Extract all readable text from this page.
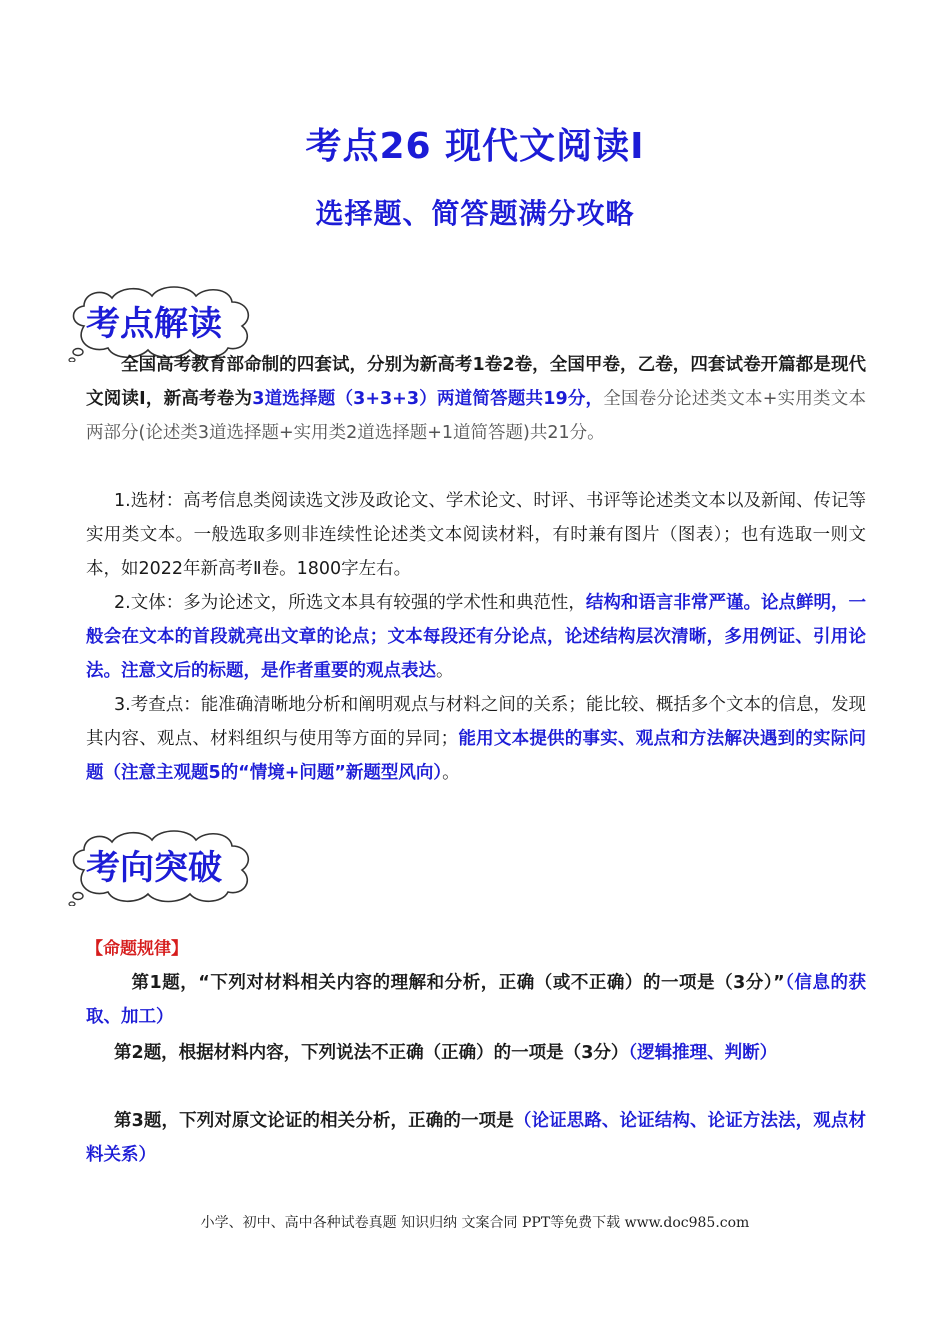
考点26 现代文阅读Ⅰ
选择题、简答题满分攻略
考点解读

全国高考教育部命制的四套试，分别为新高考1卷2卷，全国甲卷，乙卷，四套试卷开篇都是现代文阅读Ⅰ，新高考卷为3道选择题（3+3+3）两道简答题共19分，全国卷分论述类文本+实用类文本两部分(论述类3道选择题+实用类2道选择题+1道简答题)共21分。

1.选材：高考信息类阅读选文涉及政论文、学术论文、时评、书评等论述类文本以及新闻、传记等实用类文本。一般选取多则非连续性论述类文本阅读材料，有时兼有图片（图表）；也有选取一则文本，如2022年新高考Ⅱ卷。1800字左右。

2.文体：多为论述文，所选文本具有较强的学术性和典范性，结构和语言非常严谨。论点鲜明，一般会在文本的首段就亮出文章的论点；文本每段还有分论点，论述结构层次清晰，多用例证、引用论法。注意文后的标题，是作者重要的观点表达。

3.考查点：能准确清晰地分析和阐明观点与材料之间的关系；能比较、概括多个文本的信息，发现其内容、观点、材料组织与使用等方面的异同；能用文本提供的事实、观点和方法解决遇到的实际问题（注意主观题5的“情境+问题”新题型风向）。

考向突破

【命题规律】

第1题，“下列对材料相关内容的理解和分析，正确（或不正确）的一项是（3分）”（信息的获取、加工）

第2题，根据材料内容，下列说法不正确（正确）的一项是（3分）（逻辑推理、判断）

第3题，下列对原文论证的相关分析，正确的一项是（论证思路、论证结构、论证方法法，观点材料关系）

小学、初中、高中各种试卷真题 知识归纳 文案合同 PPT等免费下载 www.doc985.com
